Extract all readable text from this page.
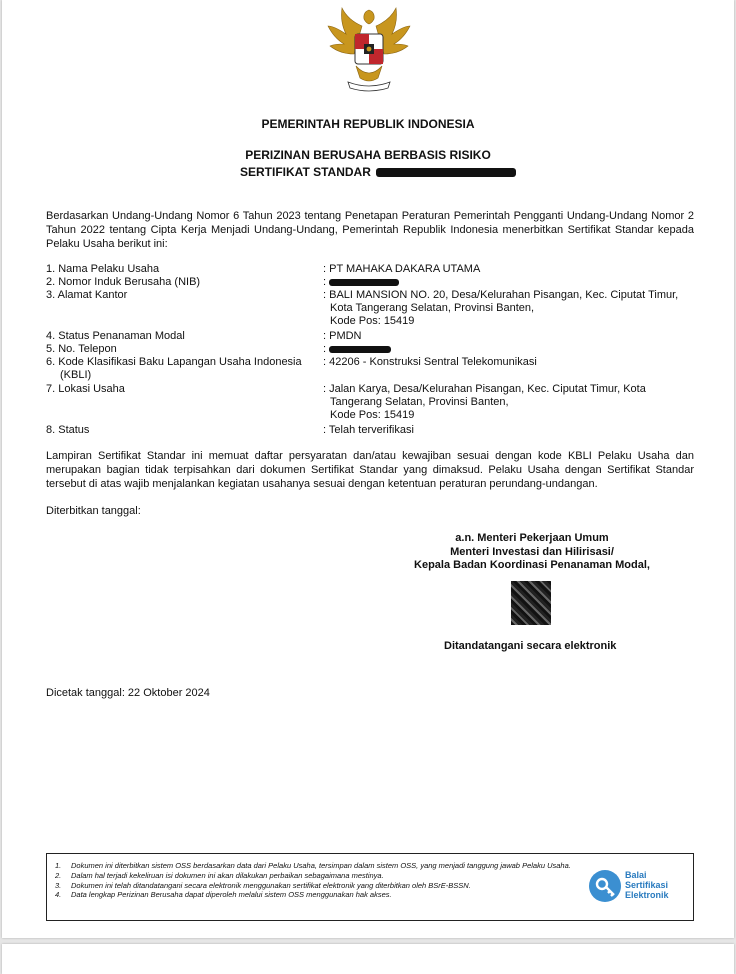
PEMERINTAH REPUBLIK INDONESIA
PERIZINAN BERUSAHA BERBASIS RISIKO
SERTIFIKAT STANDAR
Berdasarkan Undang-Undang Nomor 6 Tahun 2023 tentang Penetapan Peraturan Pemerintah Pengganti Undang-Undang Nomor 2 Tahun 2022 tentang Cipta Kerja Menjadi Undang-Undang, Pemerintah Republik Indonesia menerbitkan Sertifikat Standar kepada Pelaku Usaha berikut ini:
1. Nama Pelaku Usaha	: PT MAHAKA DAKARA UTAMA
2. Nomor Induk Berusaha (NIB)	:
3. Alamat Kantor	: BALI MANSION NO. 20, Desa/Kelurahan Pisangan, Kec. Ciputat Timur,
Kota Tangerang Selatan, Provinsi Banten,
Kode Pos: 15419
4. Status Penanaman Modal	: PMDN
5. No. Telepon	:
6. Kode Klasifikasi Baku Lapangan Usaha Indonesia
(KBLI)
: 42206 - Konstruksi Sentral Telekomunikasi
7. Lokasi Usaha	: Jalan Karya, Desa/Kelurahan Pisangan, Kec. Ciputat Timur, Kota
Tangerang Selatan, Provinsi Banten,
Kode Pos: 15419
8. Status	: Telah terverifikasi
Lampiran Sertifikat Standar ini memuat daftar persyaratan dan/atau kewajiban sesuai dengan kode KBLI Pelaku Usaha dan merupakan bagian tidak terpisahkan dari dokumen Sertifikat Standar yang dimaksud. Pelaku Usaha dengan Sertifikat Standar tersebut di atas wajib menjalankan kegiatan usahanya sesuai dengan ketentuan peraturan perundang-undangan.
Diterbitkan tanggal:
a.n. Menteri Pekerjaan Umum
Menteri Investasi dan Hilirisasi/
Kepala Badan Koordinasi Penanaman Modal,
Ditandatangani secara elektronik
Dicetak tanggal: 22 Oktober 2024
1. Dokumen ini diterbitkan sistem OSS berdasarkan data dari Pelaku Usaha, tersimpan dalam sistem OSS, yang menjadi tanggung jawab Pelaku Usaha.
2. Dalam hal terjadi kekeliruan isi dokumen ini akan dilakukan perbaikan sebagaimana mestinya.
3. Dokumen ini telah ditandatangani secara elektronik menggunakan sertifikat elektronik yang diterbitkan oleh BSrE-BSSN.
4. Data lengkap Perizinan Berusaha dapat diperoleh melalui sistem OSS menggunakan hak akses.
Balai
Sertifikasi
Elektronik
